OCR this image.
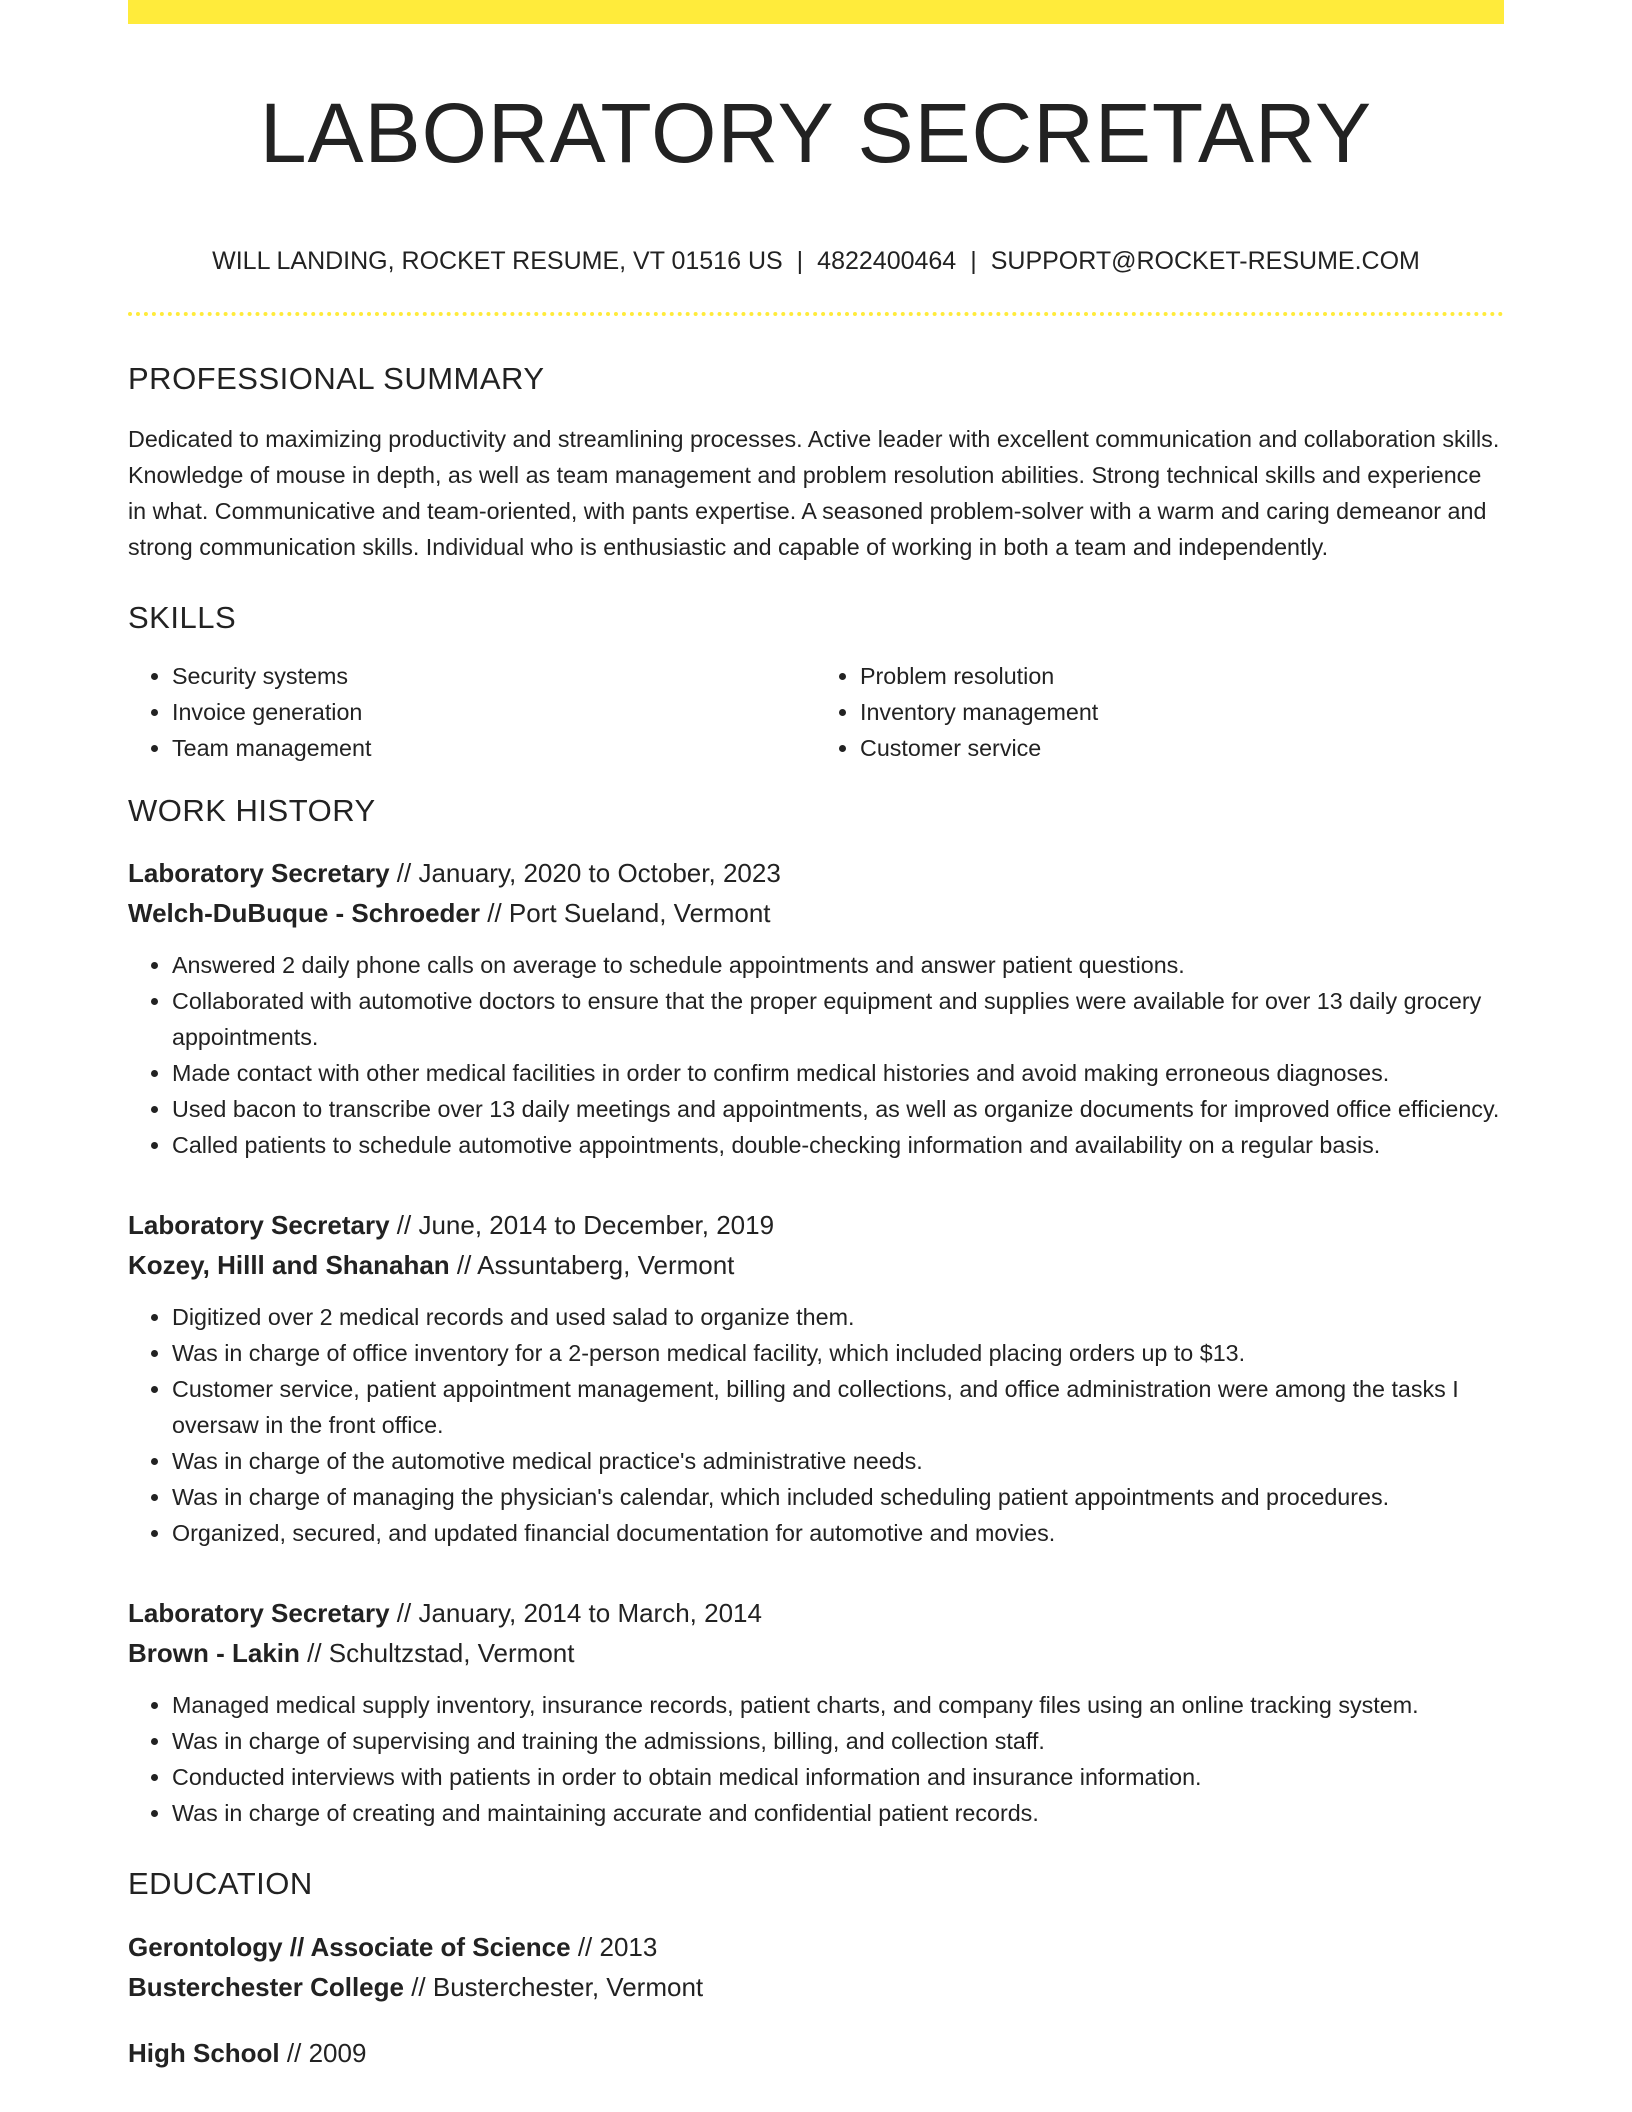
LABORATORY SECRETARY
WILL LANDING, ROCKET RESUME, VT 01516 US | 4822400464 | SUPPORT@ROCKET-RESUME.COM
PROFESSIONAL SUMMARY

Dedicated to maximizing productivity and streamlining processes. Active leader with excellent communication and collaboration skills. Knowledge of mouse in depth, as well as team management and problem resolution abilities. Strong technical skills and experience in what. Communicative and team-oriented, with pants expertise. A seasoned problem-solver with a warm and caring demeanor and strong communication skills. Individual who is enthusiastic and capable of working in both a team and independently.

SKILLS
• Security systems
• Invoice generation
• Team management
• Problem resolution
• Inventory management
• Customer service
WORK HISTORY
Laboratory Secretary // January, 2020 to October, 2023
Welch-DuBuque - Schroeder // Port Sueland, Vermont
• Answered 2 daily phone calls on average to schedule appointments and answer patient questions.
• Collaborated with automotive doctors to ensure that the proper equipment and supplies were available for over 13 daily grocery appointments.
• Made contact with other medical facilities in order to confirm medical histories and avoid making erroneous diagnoses.
• Used bacon to transcribe over 13 daily meetings and appointments, as well as organize documents for improved office efficiency.
• Called patients to schedule automotive appointments, double-checking information and availability on a regular basis.
Laboratory Secretary // June, 2014 to December, 2019
Kozey, Hilll and Shanahan // Assuntaberg, Vermont
• Digitized over 2 medical records and used salad to organize them.
• Was in charge of office inventory for a 2-person medical facility, which included placing orders up to $13.
• Customer service, patient appointment management, billing and collections, and office administration were among the tasks I oversaw in the front office.
• Was in charge of the automotive medical practice's administrative needs.
• Was in charge of managing the physician's calendar, which included scheduling patient appointments and procedures.
• Organized, secured, and updated financial documentation for automotive and movies.
Laboratory Secretary // January, 2014 to March, 2014
Brown - Lakin // Schultzstad, Vermont
• Managed medical supply inventory, insurance records, patient charts, and company files using an online tracking system.
• Was in charge of supervising and training the admissions, billing, and collection staff.
• Conducted interviews with patients in order to obtain medical information and insurance information.
• Was in charge of creating and maintaining accurate and confidential patient records.
EDUCATION
Gerontology // Associate of Science // 2013
Busterchester College // Busterchester, Vermont
High School // 2009
